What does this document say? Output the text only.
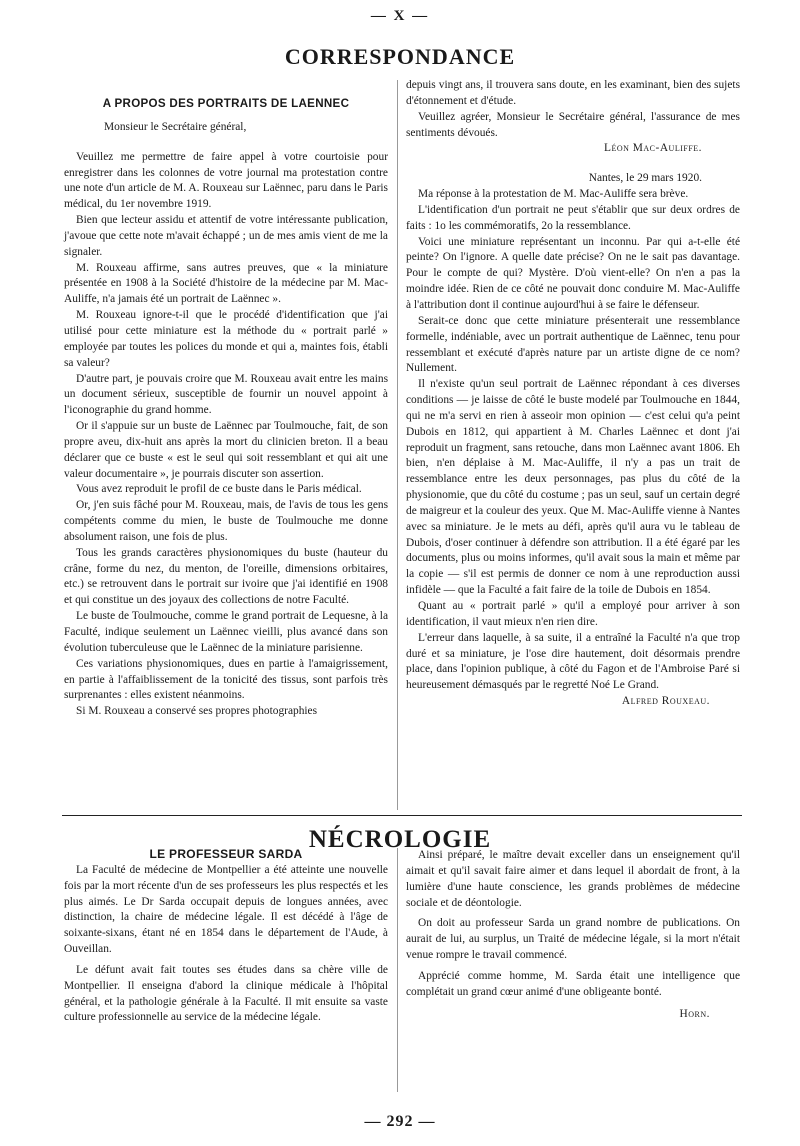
— X —
CORRESPONDANCE
A PROPOS DES PORTRAITS DE LAENNEC

Monsieur le Secrétaire général,

Veuillez me permettre de faire appel à votre courtoisie pour enregistrer dans les colonnes de votre journal ma protestation contre une note d'un article de M. A. Rouxeau sur Laënnec, paru dans le Paris médical, du 1er novembre 1919.

Bien que lecteur assidu et attentif de votre intéressante publication, j'avoue que cette note m'avait échappé ; un de mes amis vient de me la signaler.

M. Rouxeau affirme, sans autres preuves, que « la miniature présentée en 1908 à la Société d'histoire de la médecine par M. Mac-Auliffe, n'a jamais été un portrait de Laënnec ».

M. Rouxeau ignore-t-il que le procédé d'identification que j'ai utilisé pour cette miniature est la méthode du « portrait parlé » employée par toutes les polices du monde et qui a, maintes fois, établi sa valeur?

D'autre part, je pouvais croire que M. Rouxeau avait entre les mains un document sérieux, susceptible de fournir un nouvel appoint à l'iconographie du grand homme.

Or il s'appuie sur un buste de Laënnec par Toulmouche, fait, de son propre aveu, dix-huit ans après la mort du clinicien breton. Il a beau déclarer que ce buste « est le seul qui soit ressemblant et qui ait une valeur documentaire », je pourrais discuter son assertion.

Vous avez reproduit le profil de ce buste dans le Paris médical.

Or, j'en suis fâché pour M. Rouxeau, mais, de l'avis de tous les gens compétents comme du mien, le buste de Toulmouche me donne absolument raison, une fois de plus.

Tous les grands caractères physionomiques du buste (hauteur du crâne, forme du nez, du menton, de l'oreille, dimensions orbitaires, etc.) se retrouvent dans le portrait sur ivoire que j'ai identifié en 1908 et qui constitue un des joyaux des collections de notre Faculté.

Le buste de Toulmouche, comme le grand portrait de Lequesne, à la Faculté, indique seulement un Laënnec vieilli, plus avancé dans son évolution tuberculeuse que le Laënnec de la miniature parisienne.

Ces variations physionomiques, dues en partie à l'amaigrissement, en partie à l'affaiblissement de la tonicité des tissus, sont parfois très surprenantes : elles existent néanmoins.

Si M. Rouxeau a conservé ses propres photographies

depuis vingt ans, il trouvera sans doute, en les examinant, bien des sujets d'étonnement et d'étude.

Veuillez agréer, Monsieur le Secrétaire général, l'assurance de mes sentiments dévoués.

Léon Mac-Auliffe.

Nantes, le 29 mars 1920.

Ma réponse à la protestation de M. Mac-Auliffe sera brève.

L'identification d'un portrait ne peut s'établir que sur deux ordres de faits : 1o les commémoratifs, 2o la ressemblance.

Voici une miniature représentant un inconnu. Par qui a-t-elle été peinte? On l'ignore. A quelle date précise? On ne le sait pas davantage. Pour le compte de qui? Mystère. D'où vient-elle? On n'en a pas la moindre idée. Rien de ce côté ne pouvait donc conduire M. Mac-Auliffe à l'attribution dont il continue aujourd'hui à se faire le défenseur.

Serait-ce donc que cette miniature présenterait une ressemblance formelle, indéniable, avec un portrait authentique de Laënnec, tenu pour ressemblant et exécuté d'après nature par un artiste digne de ce nom? Nullement.

Il n'existe qu'un seul portrait de Laënnec répondant à ces diverses conditions — je laisse de côté le buste modelé par Toulmouche en 1844, qui ne m'a servi en rien à asseoir mon opinion — c'est celui qu'a peint Dubois en 1812, qui appartient à M. Charles Laënnec et dont j'ai reproduit un fragment, sans retouche, dans mon Laënnec avant 1806. Eh bien, n'en déplaise à M. Mac-Auliffe, il n'y a pas un trait de ressemblance entre les deux personnages, pas plus du côté de la physionomie, que du côté du costume ; pas un seul, sauf un certain degré de maigreur et la couleur des yeux. Que M. Mac-Auliffe vienne à Nantes avec sa miniature. Je le mets au défi, après qu'il aura vu le tableau de Dubois, d'oser continuer à défendre son attribution. Il a été égaré par les documents, plus ou moins informes, qu'il avait sous la main et même par la copie — s'il est permis de donner ce nom à une reproduction aussi infidèle — que la Faculté a fait faire de la toile de Dubois en 1854.

Quant au « portrait parlé » qu'il a employé pour arriver à son identification, il vaut mieux n'en rien dire.

L'erreur dans laquelle, à sa suite, il a entraîné la Faculté n'a que trop duré et sa miniature, je l'ose dire hautement, doit désormais prendre place, dans l'opinion publique, à côté du Fagon et de l'Ambroise Paré si heureusement démasqués par le regretté Noé Le Grand.

Alfred Rouxeau.

NÉCROLOGIE
LE PROFESSEUR SARDA

La Faculté de médecine de Montpellier a été atteinte une nouvelle fois par la mort récente d'un de ses professeurs les plus respectés et les plus aimés. Le Dr Sarda occupait depuis de longues années, avec distinction, la chaire de médecine légale. Il est décédé à l'âge de soixante-sixans, étant né en 1854 dans le département de l'Aude, à Ouveillan.

Le défunt avait fait toutes ses études dans sa chère ville de Montpellier. Il enseigna d'abord la clinique médicale à l'hôpital général, et la pathologie générale à la Faculté. Il mit ensuite sa vaste culture professionnelle au service de la médecine légale.

Ainsi préparé, le maître devait exceller dans un enseignement qu'il aimait et qu'il savait faire aimer et dans lequel il abordait de front, à la lumière d'une haute conscience, les grands problèmes de médecine sociale et de déontologie.

On doit au professeur Sarda un grand nombre de publications. On aurait de lui, au surplus, un Traité de médecine légale, si la mort n'était venue rompre le travail commencé.

Apprécié comme homme, M. Sarda était une intelligence que complétait un grand cœur animé d'une obligeante bonté.

Horn.

— 292 —
